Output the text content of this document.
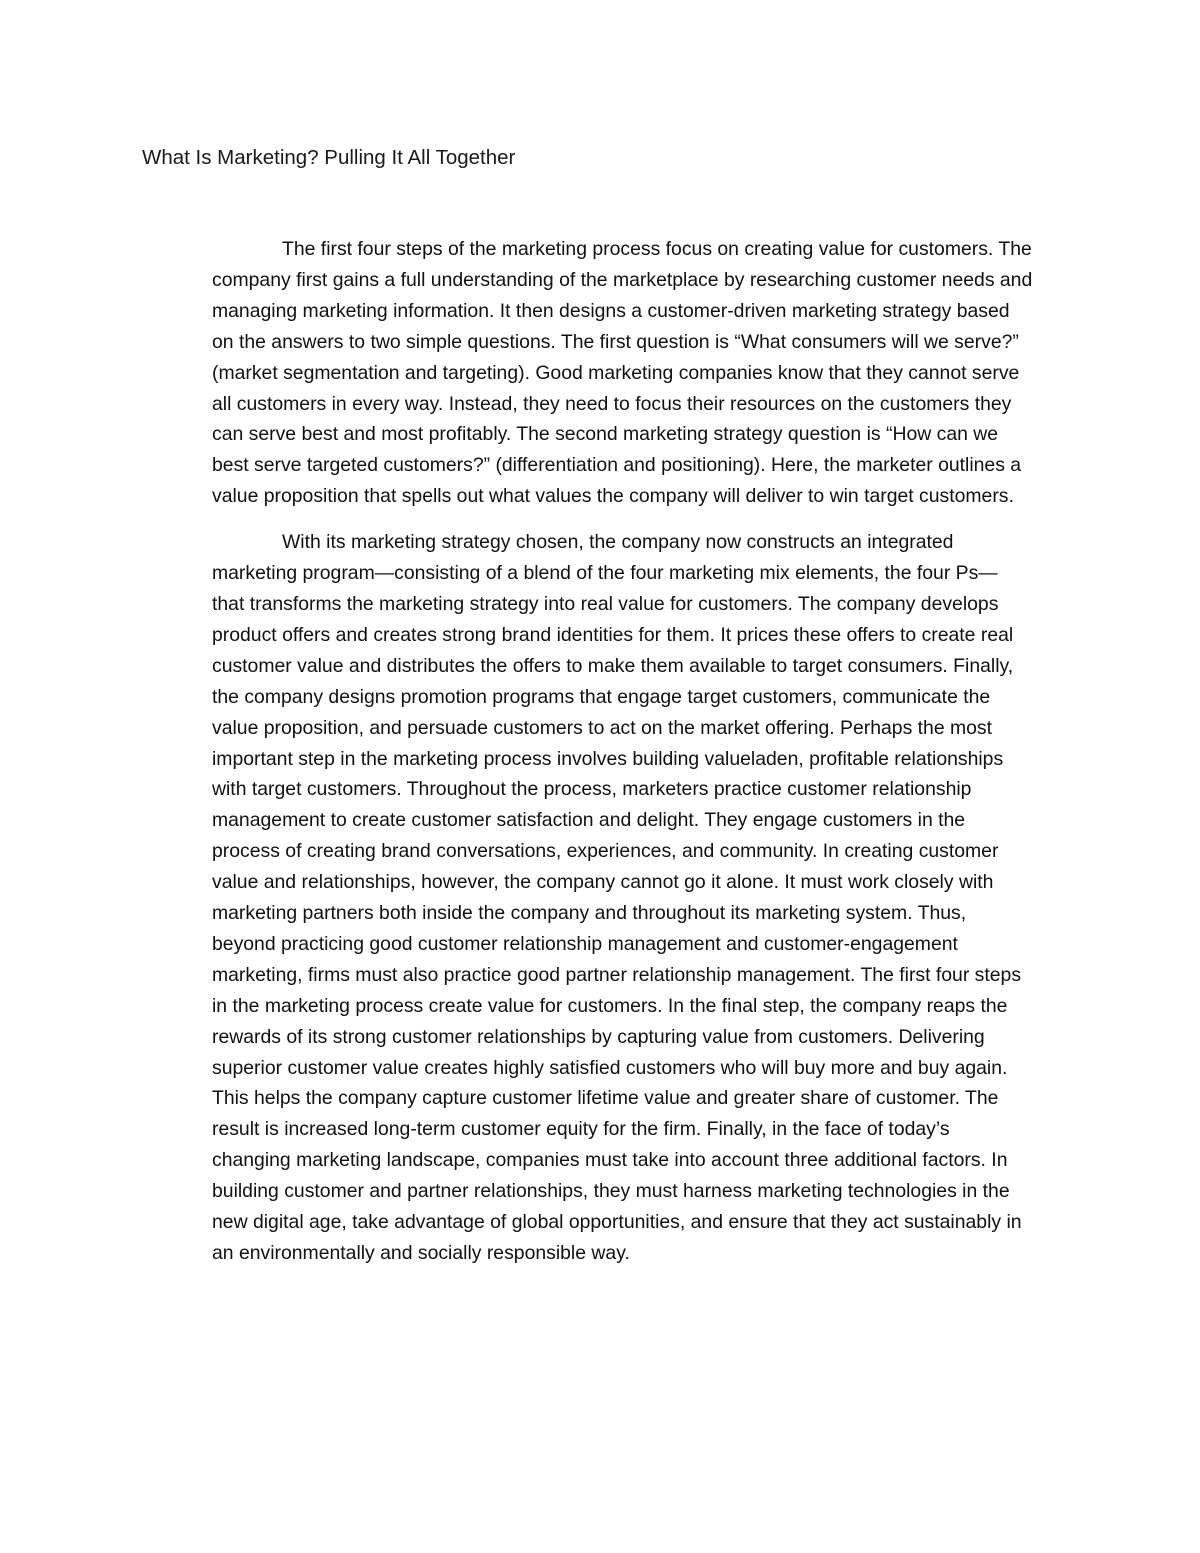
What Is Marketing? Pulling It All Together

The first four steps of the marketing process focus on creating value for customers. The
company first gains a full understanding of the marketplace by researching customer needs and
managing marketing information. It then designs a customer-driven marketing strategy based
on the answers to two simple questions. The first question is “What consumers will we serve?”
(market segmentation and targeting). Good marketing companies know that they cannot serve
all customers in every way. Instead, they need to focus their resources on the customers they
can serve best and most profitably. The second marketing strategy question is “How can we
best serve targeted customers?” (differentiation and positioning). Here, the marketer outlines a
value proposition that spells out what values the company will deliver to win target customers.

With its marketing strategy chosen, the company now constructs an integrated
marketing program—consisting of a blend of the four marketing mix elements, the four Ps—
that transforms the marketing strategy into real value for customers. The company develops
product offers and creates strong brand identities for them. It prices these offers to create real
customer value and distributes the offers to make them available to target consumers. Finally,
the company designs promotion programs that engage target customers, communicate the
value proposition, and persuade customers to act on the market offering. Perhaps the most
important step in the marketing process involves building valueladen, profitable relationships
with target customers. Throughout the process, marketers practice customer relationship
management to create customer satisfaction and delight. They engage customers in the
process of creating brand conversations, experiences, and community. In creating customer
value and relationships, however, the company cannot go it alone. It must work closely with
marketing partners both inside the company and throughout its marketing system. Thus,
beyond practicing good customer relationship management and customer-engagement
marketing, firms must also practice good partner relationship management. The first four steps
in the marketing process create value for customers. In the final step, the company reaps the
rewards of its strong customer relationships by capturing value from customers. Delivering
superior customer value creates highly satisfied customers who will buy more and buy again.
This helps the company capture customer lifetime value and greater share of customer. The
result is increased long-term customer equity for the firm. Finally, in the face of today’s
changing marketing landscape, companies must take into account three additional factors. In
building customer and partner relationships, they must harness marketing technologies in the
new digital age, take advantage of global opportunities, and ensure that they act sustainably in
an environmentally and socially responsible way.
